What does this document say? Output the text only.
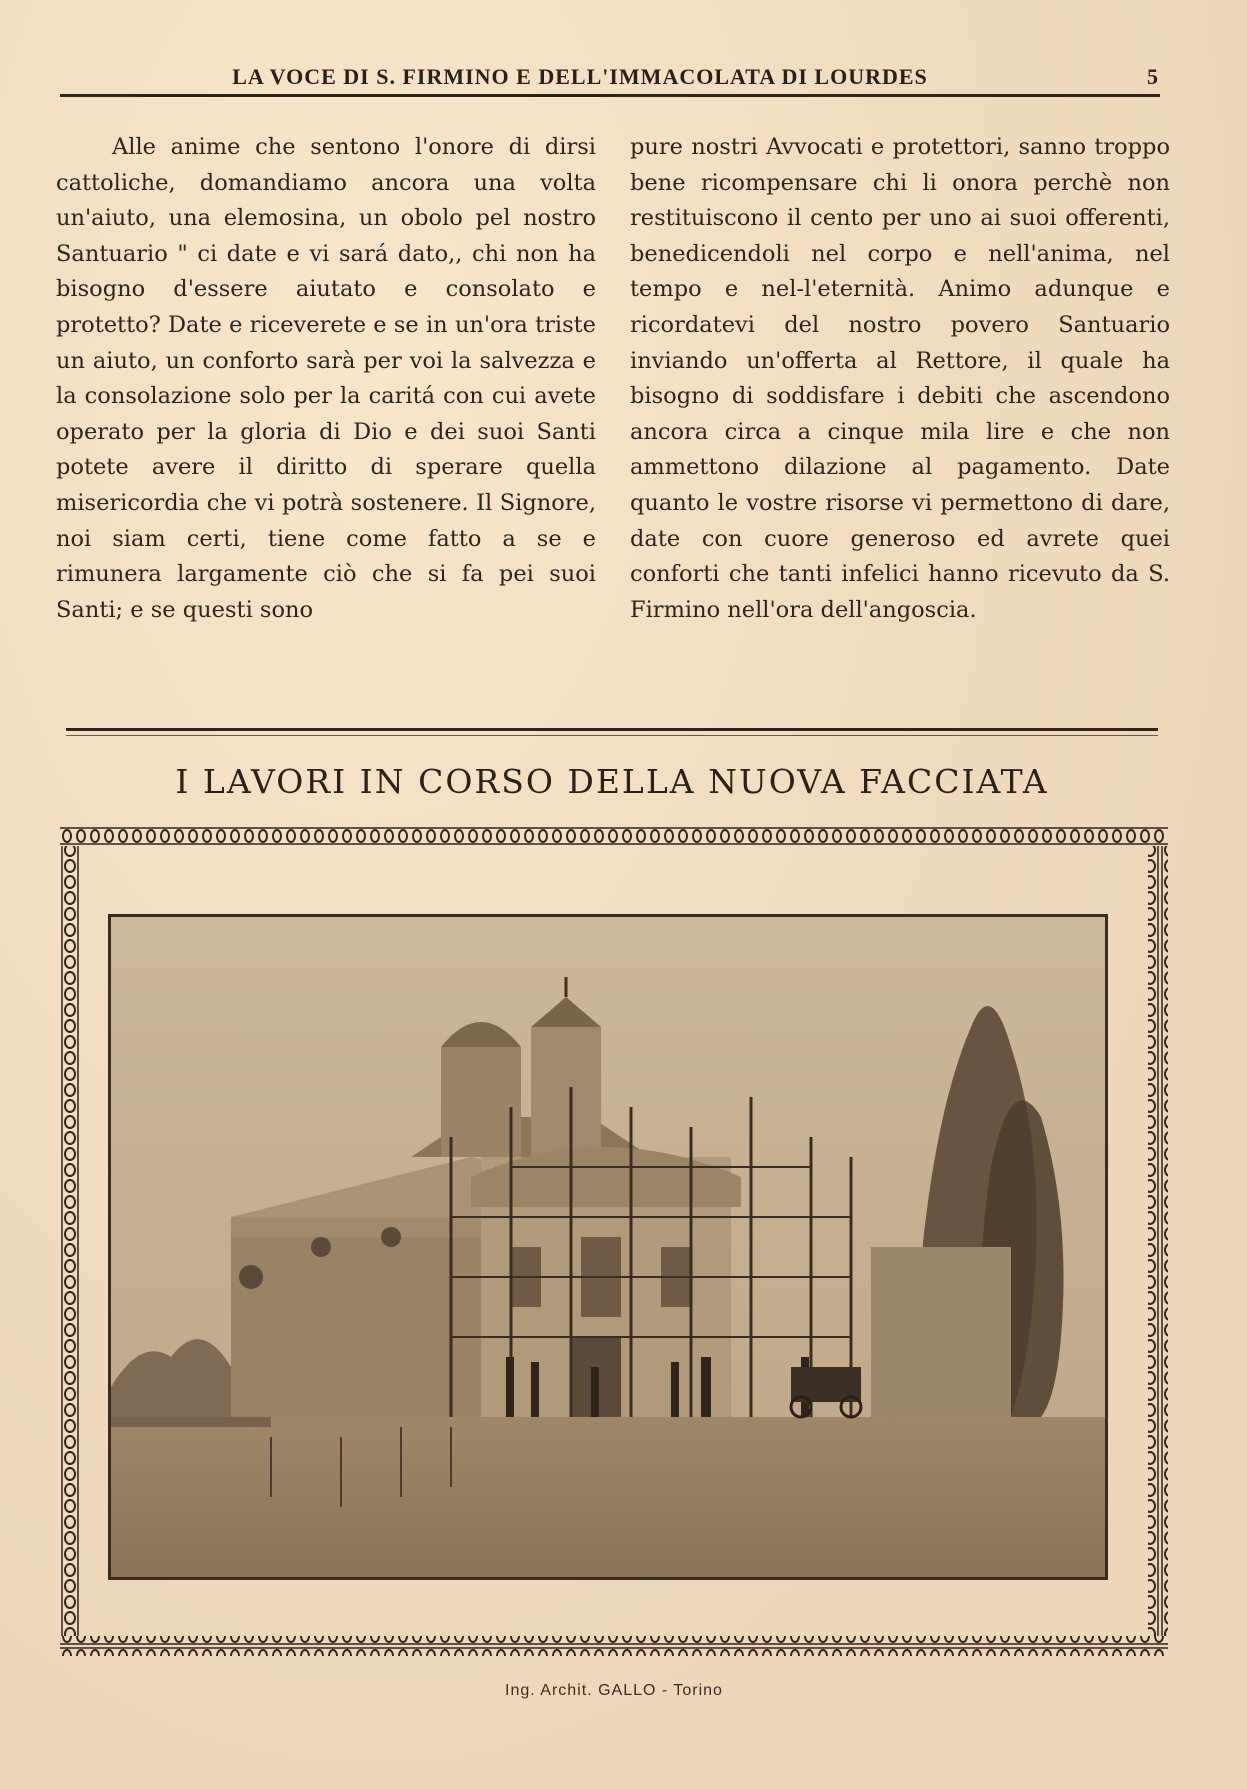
LA VOCE DI S. FIRMINO E DELL'IMMACOLATA DI LOURDES	5

Alle anime che sentono l'onore di dirsi cattoliche, domandiamo ancora una volta un'aiuto, una elemosina, un obolo pel nostro Santuario " ci date e vi sará dato,, chi non ha bisogno d'essere aiutato e consolato e protetto? Date e riceverete e se in un'ora triste un aiuto, un conforto sarà per voi la salvezza e la consolazione solo per la caritá con cui avete operato per la gloria di Dio e dei suoi Santi potete avere il diritto di sperare quella misericordia che vi potrà sostenere. Il Signore, noi siam certi, tiene come fatto a se e rimunera largamente ciò che si fa pei suoi Santi; e se questi sono

pure nostri Avvocati e protettori, sanno troppo bene ricompensare chi li onora perchè non restituiscono il cento per uno ai suoi offerenti, benedicendoli nel corpo e nell'anima, nel tempo e nel-l'eternità. Animo adunque e ricordatevi del nostro povero Santuario inviando un'offerta al Rettore, il quale ha bisogno di soddisfare i debiti che ascendono ancora circa a cinque mila lire e che non ammettono dilazione al pagamento. Date quanto le vostre risorse vi permettono di dare, date con cuore generoso ed avrete quei conforti che tanti infelici hanno ricevuto da S. Firmino nell'ora dell'angoscia.

I LAVORI IN CORSO DELLA NUOVA FACCIATA
Ing. Archit. GALLO - Torino
